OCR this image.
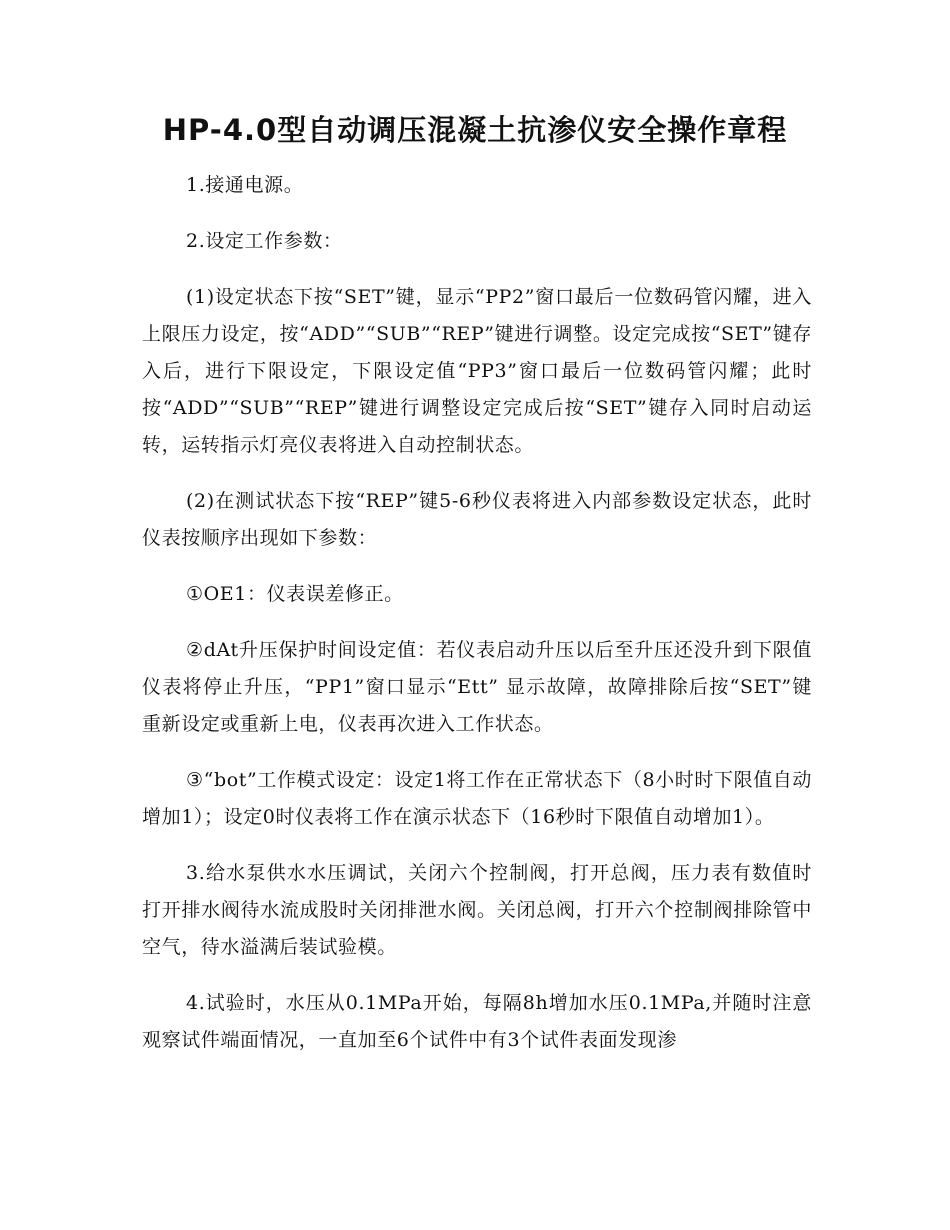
HP-4.0型自动调压混凝土抗渗仪安全操作章程

1.接通电源。

2.设定工作参数：

(1)设定状态下按“SET”键，显示“PP2”窗口最后一位数码管闪耀，进入上限压力设定，按“ADD”“SUB”“REP”键进行调整。设定完成按“SET”键存入后，进行下限设定，下限设定值“PP3”窗口最后一位数码管闪耀；此时按“ADD”“SUB”“REP”键进行调整设定完成后按“SET”键存入同时启动运转，运转指示灯亮仪表将进入自动控制状态。

(2)在测试状态下按“REP”键5-6秒仪表将进入内部参数设定状态，此时仪表按顺序出现如下参数：

①OE1：仪表误差修正。

②dAt升压保护时间设定值：若仪表启动升压以后至升压还没升到下限值仪表将停止升压，“PP1”窗口显示“Ett” 显示故障，故障排除后按“SET”键重新设定或重新上电，仪表再次进入工作状态。

③“bot”工作模式设定：设定1将工作在正常状态下（8小时时下限值自动增加1）；设定0时仪表将工作在演示状态下（16秒时下限值自动增加1）。

3.给水泵供水水压调试，关闭六个控制阀，打开总阀，压力表有数值时打开排水阀待水流成股时关闭排泄水阀。关闭总阀，打开六个控制阀排除管中空气，待水溢满后装试验模。

4.试验时，水压从0.1MPa开始，每隔8h增加水压0.1MPa,并随时注意观察试件端面情况，一直加至6个试件中有3个试件表面发现渗
